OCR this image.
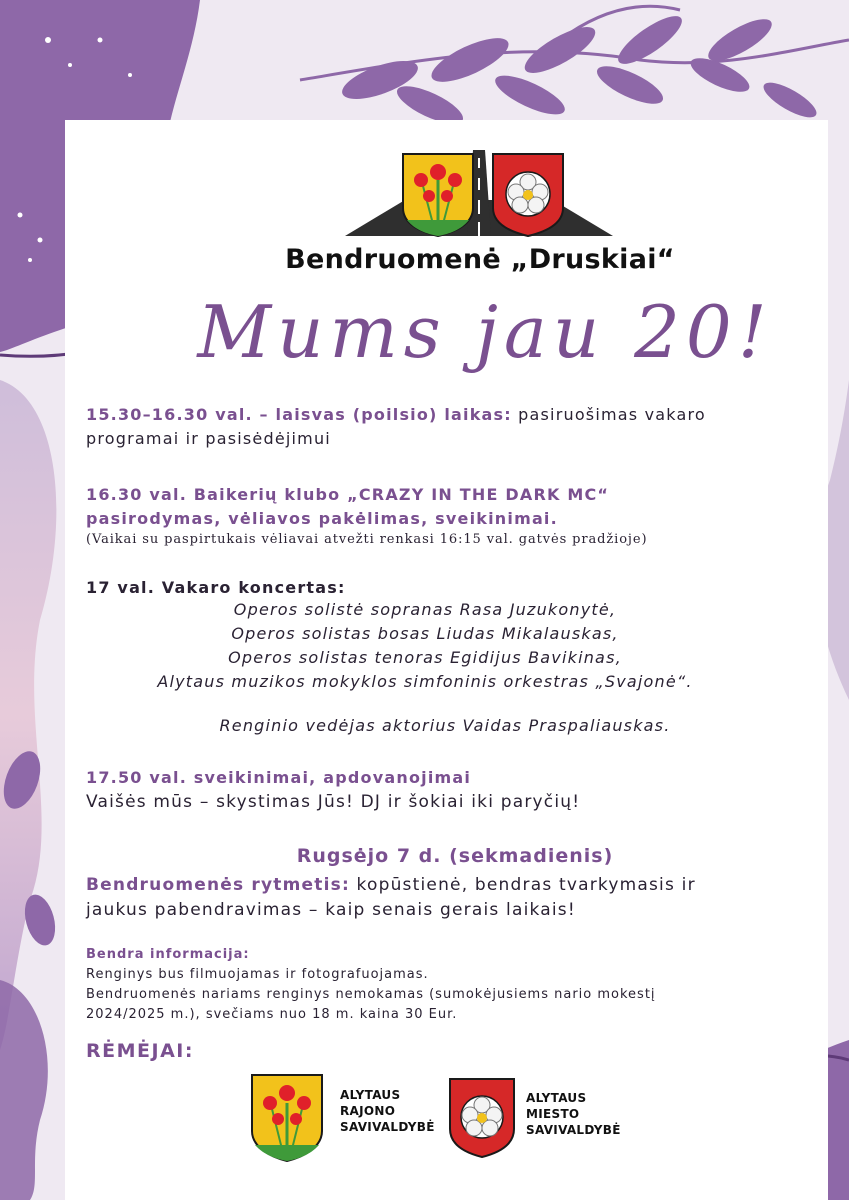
Bendruomenė „Druskiai“
Mums jau 20!
15.30–16.30 val. – laisvas (poilsio) laikas: pasiruošimas vakaro
programai ir pasisėdėjimui
16.30 val. Baikerių klubo „CRAZY IN THE DARK MC“
pasirodymas, vėliavos pakėlimas, sveikinimai.
(Vaikai su paspirtukais vėliavai atvežti renkasi 16:15 val. gatvės pradžioje)
17 val. Vakaro koncertas:
Operos solistė sopranas Rasa Juzukonytė,
Operos solistas bosas Liudas Mikalauskas,
Operos solistas tenoras Egidijus Bavikinas,
Alytaus muzikos mokyklos simfoninis orkestras „Svajonė“.
Renginio vedėjas aktorius Vaidas Praspaliauskas.
17.50 val. sveikinimai, apdovanojimai
Vaišės mūs – skystimas Jūs! DJ ir šokiai iki paryčių!
Rugsėjo 7 d. (sekmadienis)
Bendruomenės rytmetis: kopūstienė, bendras tvarkymasis ir
jaukus pabendravimas – kaip senais gerais laikais!
Bendra informacija:
Renginys bus filmuojamas ir fotografuojamas.
Bendruomenės nariams renginys nemokamas (sumokėjusiems nario mokestį
2024/2025 m.), svečiams nuo 18 m. kaina 30 Eur.
RĖMĖJAI:
ALYTAUS
RAJONO
SAVIVALDYBĖ
ALYTAUS
MIESTO
SAVIVALDYBĖ
